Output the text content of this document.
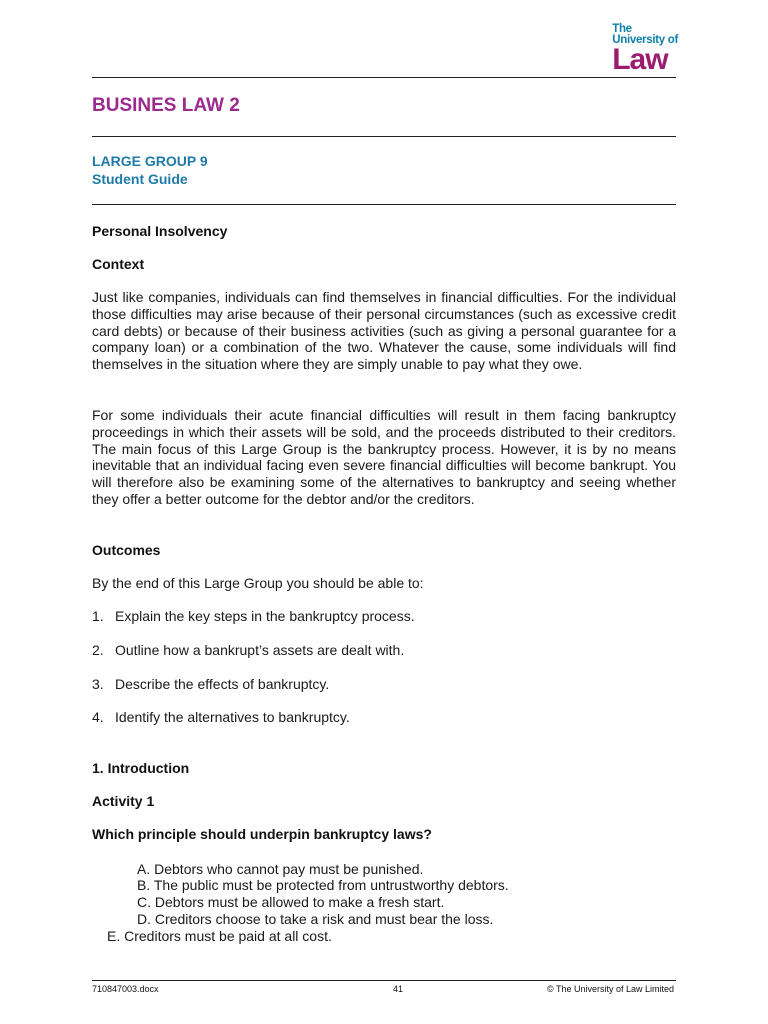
The
University of
Law
BUSINES LAW 2
LARGE GROUP 9
Student Guide
Personal Insolvency
Context

Just like companies, individuals can find themselves in financial difficulties. For the individual those difficulties may arise because of their personal circumstances (such as excessive credit card debts) or because of their business activities (such as giving a personal guarantee for a company loan) or a combination of the two. Whatever the cause, some individuals will find themselves in the situation where they are simply unable to pay what they owe.

For some individuals their acute financial difficulties will result in them facing bankruptcy proceedings in which their assets will be sold, and the proceeds distributed to their creditors. The main focus of this Large Group is the bankruptcy process. However, it is by no means inevitable that an individual facing even severe financial difficulties will become bankrupt. You will therefore also be examining some of the alternatives to bankruptcy and seeing whether they offer a better outcome for the debtor and/or the creditors.

Outcomes
By the end of this Large Group you should be able to:
1. Explain the key steps in the bankruptcy process.
2. Outline how a bankrupt’s assets are dealt with.
3. Describe the effects of bankruptcy.
4. Identify the alternatives to bankruptcy.
1. Introduction
Activity 1
Which principle should underpin bankruptcy laws?
A. Debtors who cannot pay must be punished.
B. The public must be protected from untrustworthy debtors.
C. Debtors must be allowed to make a fresh start.
D. Creditors choose to take a risk and must bear the loss.
E. Creditors must be paid at all cost.
710847003.docx	41	© The University of Law Limited
